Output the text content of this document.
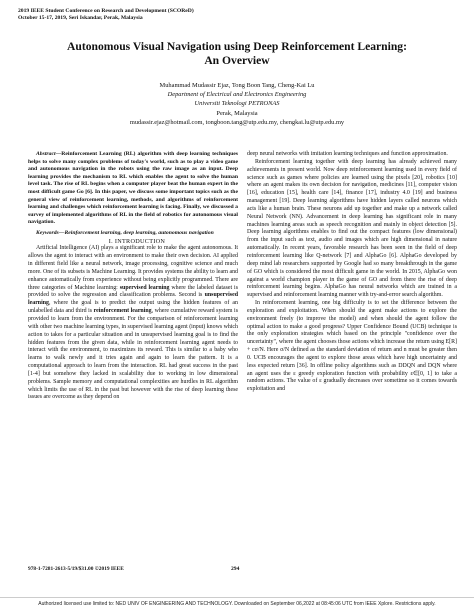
2019 IEEE Student Conference on Research and Development (SCOReD)
October 15-17, 2019, Seri Iskandar, Perak, Malaysia
Autonomous Visual Navigation using Deep Reinforcement Learning:
An Overview
Muhammad Mudassir Ejaz, Tong Boon Tang, Cheng-Kai Lu
Department of Electrical and Electronics Engineering
Universiti Teknologi PETRONAS
Perak, Malaysia
mudassir.ejaz@hotmail.com, tongboon.tang@utp.edu.my, chengkai.lu@utp.edu.my

Abstract—Reinforcement Learning (RL) algorithm with deep learning techniques helps to solve many complex problems of today's world, such as to play a video game and autonomous navigation in the robots using the raw image as an input. Deep learning provides the mechanism to RL which enables the agent to solve the human level task. The rise of RL begins when a computer player beat the human expert in the most difficult game Go [6]. In this paper, we discuss some important topics such as the general view of reinforcement learning, methods, and algorithms of reinforcement learning and challenges which reinforcement learning is facing. Finally, we discussed a survey of implemented algorithms of RL in the field of robotics for autonomous visual navigation.

Keywords—Reinforcement learning, deep learning, autonomous navigation

I. INTRODUCTION

Artificial Intelligence (AI) plays a significant role to make the agent autonomous. It allows the agent to interact with an environment to make their own decision. AI applied in different field like a neural network, image processing, cognitive science and much more. One of its subsets is Machine Learning. It provides systems the ability to learn and enhance automatically from experience without being explicitly programmed. There are three categories of Machine learning: supervised learning where the labeled dataset is provided to solve the regression and classification problems. Second is unsupervised learning, where the goal is to predict the output using the hidden features of an unlabelled data and third is reinforcement learning, where cumulative reward system is provided to learn from the environment. For the comparison of reinforcement learning with other two machine learning types, in supervised learning agent (input) knows which action to takes for a particular situation and in unsupervised learning goal is to find the hidden features from the given data, while in reinforcement learning agent needs to interact with the environment, to maximizes its reward. This is similar to a baby who learns to walk newly and it tries again and again to learn the pattern. It is a computational approach to learn from the interaction. RL had great success in the past [1-4] but somehow they lacked in scalability due to working in low dimensional problems. Sample memory and computational complexities are hurdles in RL algorithm which limits the use of RL in the past but however with the rise of deep learning these issues are overcome as they depend on

deep neural networks with imitation learning techniques and function approximation.

Reinforcement learning together with deep learning has already achieved many achievements in present world. Now deep reinforcement learning used in every field of science such as games where policies are learned using the pixels [20], robotics [10] where an agent makes its own decision for navigation, medicines [11], computer vision [16], education [15], health care [14], finance [17], industry 4.0 [19] and business management [19]. Deep learning algorithms have hidden layers called neurons which acts like a human brain. These neurons add up together and make up a network called Neural Network (NN). Advancement in deep learning has significant role in many machines learning areas such as speech recognition and mainly in object detection [5]. Deep learning algorithms enables to find out the compact features (low dimensional) from the input such as text, audio and images which are high dimensional in nature automatically. In recent years, favorable research has been seen in the field of deep reinforcement learning like Q-network [7] and AlphaGo [6]. AlphaGo developed by deep mind lab researchers supported by Google had so many breakthrough in the game of GO which is considered the most difficult game in the world. In 2015, AlphaGo won against a world champion player in the game of GO and from there the rise of deep reinforcement learning begins. AlphaGo has neural networks which are trained in a supervised and reinforcement learning manner with try-and-error search algorithm.

In reinforcement learning, one big difficulty is to set the difference between the exploration and exploitation. When should the agent make actions to explore the environment freely (to improve the model) and when should the agent follow the optimal action to make a good progress? Upper Confidence Bound (UCB) technique is the only exploration strategies which based on the principle "confidence over the uncertainty", where the agent chooses those actions which increase the return using E[R] + cσ/N. Here σ/N defined as the standard deviation of return and n must be greater then 0. UCB encourages the agent to explore those areas which have high uncertainty and less expected return [36]. In offline policy algorithms such as DDQN and DQN where an agent uses the ε greedy exploration function with probability ε∈[0, 1] to take a random actions. The value of ε gradually decreases over sometime so it comes towards exploitation and

978-1-7281-2613-5/19/$31.00 ©2019 IEEE	294
Authorized licensed use limited to: NED UNIV OF ENGINEERING AND TECHNOLOGY. Downloaded on September 06,2022 at 08:45:06 UTC from IEEE Xplore. Restrictions apply.
